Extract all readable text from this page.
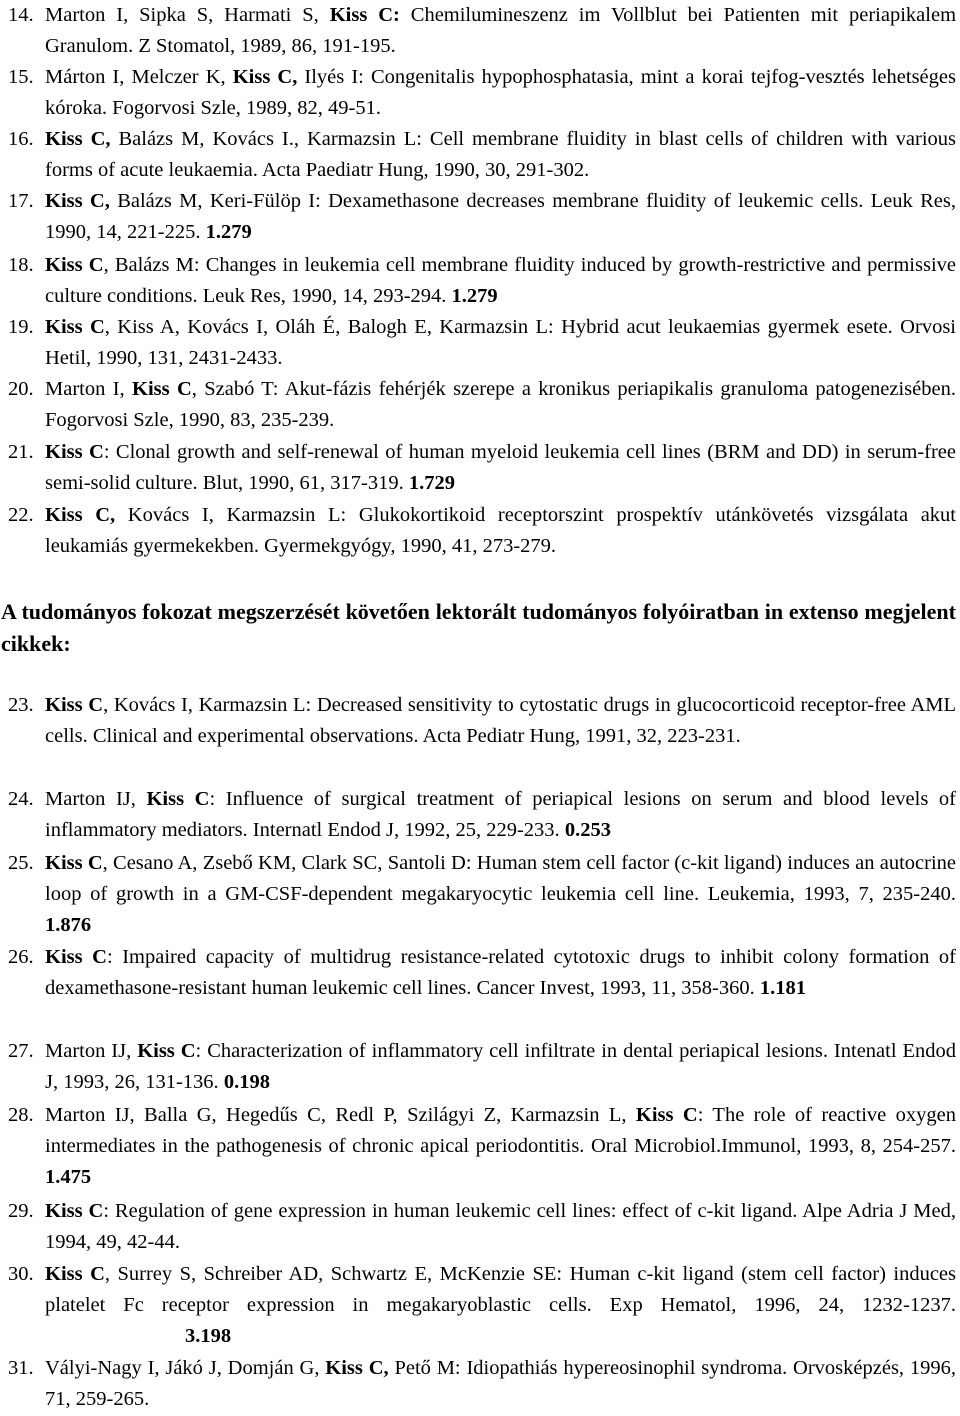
14. Marton I, Sipka S, Harmati S, Kiss C: Chemilumineszenz im Vollblut bei Patienten mit periapikalem Granulom. Z Stomatol, 1989, 86, 191-195.
15. Márton I, Melczer K, Kiss C, Ilyés I: Congenitalis hypophosphatasia, mint a korai tejfog-vesztés lehetséges kóroka. Fogorvosi Szle, 1989, 82, 49-51.
16. Kiss C, Balázs M, Kovács I., Karmazsin L: Cell membrane fluidity in blast cells of children with various forms of acute leukaemia. Acta Paediatr Hung, 1990, 30, 291-302.
17. Kiss C, Balázs M, Keri-Fülöp I: Dexamethasone decreases membrane fluidity of leukemic cells. Leuk Res, 1990, 14, 221-225. 1.279
18. Kiss C, Balázs M: Changes in leukemia cell membrane fluidity induced by growth-restrictive and permissive culture conditions. Leuk Res, 1990, 14, 293-294. 1.279
19. Kiss C, Kiss A, Kovács I, Oláh É, Balogh E, Karmazsin L: Hybrid acut leukaemias gyermek esete. Orvosi Hetil, 1990, 131, 2431-2433.
20. Marton I, Kiss C, Szabó T: Akut-fázis fehérjék szerepe a kronikus periapikalis granuloma patogenezisében. Fogorvosi Szle, 1990, 83, 235-239.
21. Kiss C: Clonal growth and self-renewal of human myeloid leukemia cell lines (BRM and DD) in serum-free semi-solid culture. Blut, 1990, 61, 317-319. 1.729
22. Kiss C, Kovács I, Karmazsin L: Glukokortikoid receptorszint prospektív utánkövetés vizsgálata akut leukamiás gyermekekben. Gyermekgyógy, 1990, 41, 273-279.
A tudományos fokozat megszerzését követően lektorált tudományos folyóiratban in extenso megjelent cikkek:
23. Kiss C, Kovács I, Karmazsin L: Decreased sensitivity to cytostatic drugs in glucocorticoid receptor-free AML cells. Clinical and experimental observations. Acta Pediatr Hung, 1991, 32, 223-231.
24. Marton IJ, Kiss C: Influence of surgical treatment of periapical lesions on serum and blood levels of inflammatory mediators. Internatl Endod J, 1992, 25, 229-233. 0.253
25. Kiss C, Cesano A, Zsebő KM, Clark SC, Santoli D: Human stem cell factor (c-kit ligand) induces an autocrine loop of growth in a GM-CSF-dependent megakaryocytic leukemia cell line. Leukemia, 1993, 7, 235-240. 1.876
26. Kiss C: Impaired capacity of multidrug resistance-related cytotoxic drugs to inhibit colony formation of dexamethasone-resistant human leukemic cell lines. Cancer Invest, 1993, 11, 358-360. 1.181
27. Marton IJ, Kiss C: Characterization of inflammatory cell infiltrate in dental periapical lesions. Intenatl Endod J, 1993, 26, 131-136. 0.198
28. Marton IJ, Balla G, Hegedűs C, Redl P, Szilágyi Z, Karmazsin L, Kiss C: The role of reactive oxygen intermediates in the pathogenesis of chronic apical periodontitis. Oral Microbiol.Immunol, 1993, 8, 254-257. 1.475
29. Kiss C: Regulation of gene expression in human leukemic cell lines: effect of c-kit ligand. Alpe Adria J Med, 1994, 49, 42-44.
30. Kiss C, Surrey S, Schreiber AD, Schwartz E, McKenzie SE: Human c-kit ligand (stem cell factor) induces platelet Fc receptor expression in megakaryoblastic cells. Exp Hematol, 1996, 24, 1232-1237. 3.198
31. Vályi-Nagy I, Jákó J, Domján G, Kiss C, Pető M: Idiopathiás hypereosinophil syndroma. Orvosképzés, 1996, 71, 259-265.
